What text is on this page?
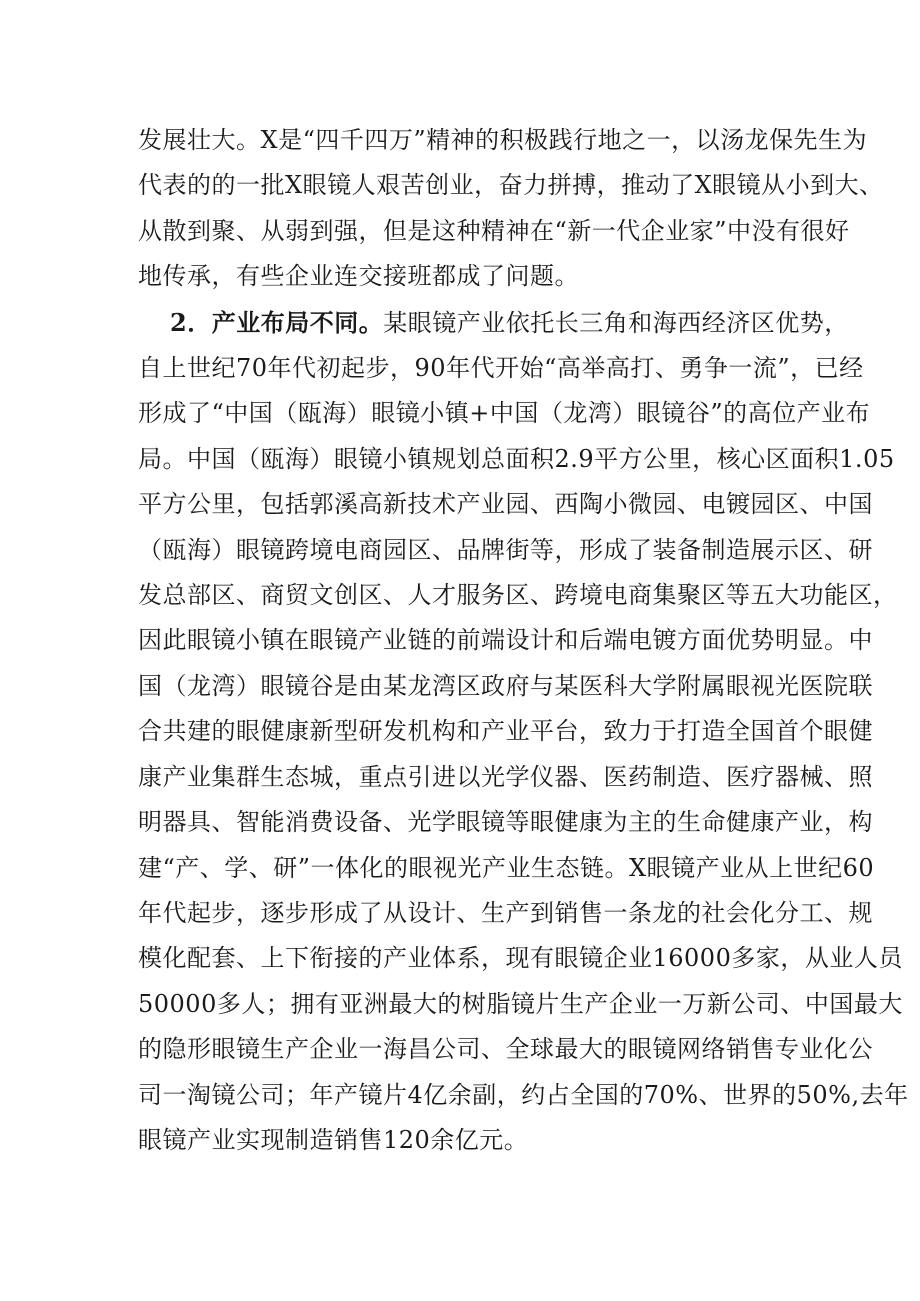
发展壮大。X是“四千四万”精神的积极践行地之一，以汤龙保先生为
代表的的一批X眼镜人艰苦创业，奋力拼搏，推动了X眼镜从小到大、
从散到聚、从弱到强，但是这种精神在“新一代企业家”中没有很好
地传承，有些企业连交接班都成了问题。
2．产业布局不同。某眼镜产业依托长三角和海西经济区优势，
自上世纪70年代初起步，90年代开始“高举高打、勇争一流”，已经
形成了“中国（瓯海）眼镜小镇+中国（龙湾）眼镜谷”的高位产业布
局。中国（瓯海）眼镜小镇规划总面积2.9平方公里，核心区面积1.05
平方公里，包括郭溪高新技术产业园、西陶小微园、电镀园区、中国
（瓯海）眼镜跨境电商园区、品牌街等，形成了装备制造展示区、研
发总部区、商贸文创区、人才服务区、跨境电商集聚区等五大功能区，
因此眼镜小镇在眼镜产业链的前端设计和后端电镀方面优势明显。中
国（龙湾）眼镜谷是由某龙湾区政府与某医科大学附属眼视光医院联
合共建的眼健康新型研发机构和产业平台，致力于打造全国首个眼健
康产业集群生态城，重点引进以光学仪器、医药制造、医疗器械、照
明器具、智能消费设备、光学眼镜等眼健康为主的生命健康产业，构
建“产、学、研”一体化的眼视光产业生态链。X眼镜产业从上世纪60
年代起步，逐步形成了从设计、生产到销售一条龙的社会化分工、规
模化配套、上下衔接的产业体系，现有眼镜企业16000多家，从业人员
50000多人；拥有亚洲最大的树脂镜片生产企业一万新公司、中国最大
的隐形眼镜生产企业一海昌公司、全球最大的眼镜网络销售专业化公
司一淘镜公司；年产镜片4亿余副，约占全国的70%、世界的50%,去年
眼镜产业实现制造销售120余亿元。
